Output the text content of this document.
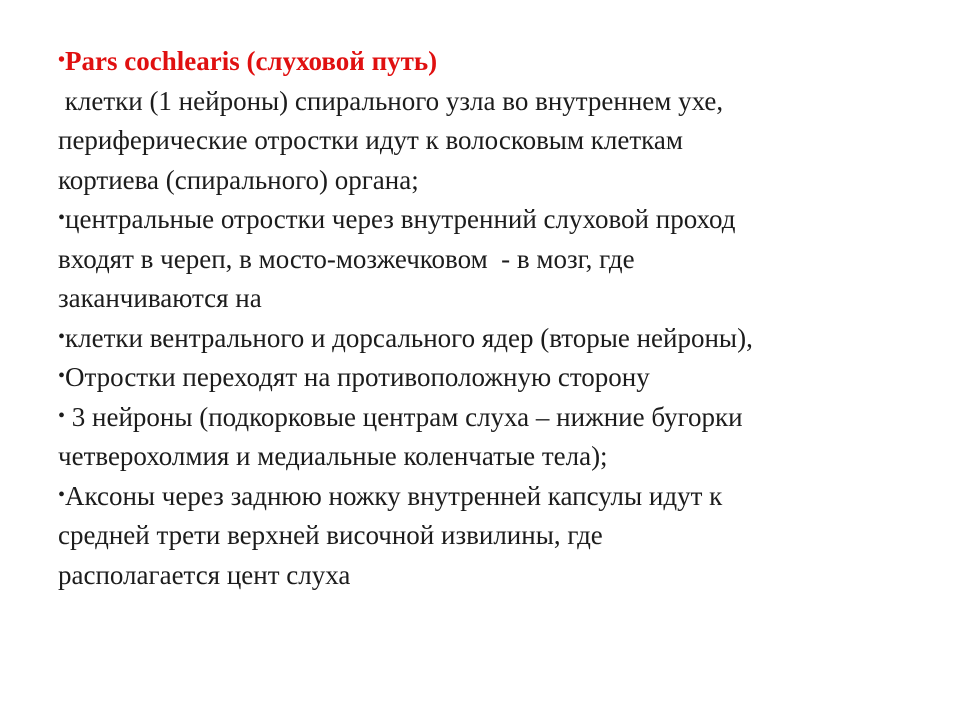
•Pars cochlearis (слуховой путь)
клетки (1 нейроны) спирального узла во внутреннем ухе,
периферические отростки идут к волосковым клеткам
кортиева (спирального) органа;
•центральные отростки через внутренний слуховой проход
входят в череп, в мосто-мозжечковом  - в мозг, где
заканчиваются на
•клетки вентрального и дорсального ядер (вторые нейроны),
•Отростки переходят на противоположную сторону
• 3 нейроны (подкорковые центрам слуха – нижние бугорки
четверохолмия и медиальные коленчатые тела);
•Аксоны через заднюю ножку внутренней капсулы идут к
средней трети верхней височной извилины, где
располагается цент слуха
